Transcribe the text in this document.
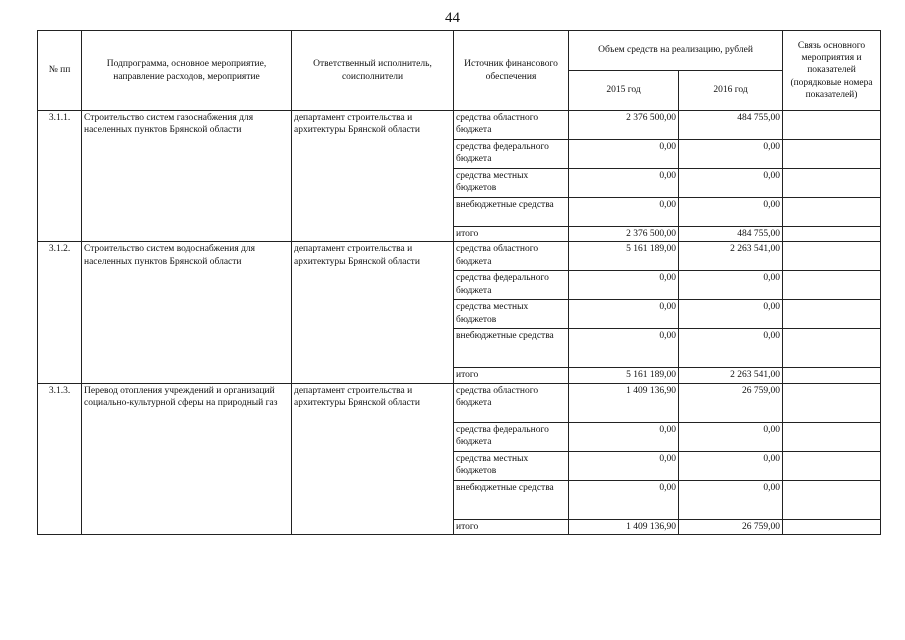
44
№ пп	Подпрограмма, основное мероприятие, направление расходов, мероприятие	Ответственный исполнитель, соисполнители	Источник финансового обеспечения	Объем средств на реализацию, рублей		Связь основного мероприятия и показателей (порядковые номера показателей)
				2015 год	2016 год	
3.1.1.	Строительство систем газоснабжения для населенных пунктов Брянской области	департамент строительства и архитектуры Брянской области	средства областного бюджета	2 376 500,00	484 755,00	
			средства федерального бюджета	0,00	0,00	
			средства местных бюджетов	0,00	0,00	
			внебюджетные средства	0,00	0,00	
			итого	2 376 500,00	484 755,00	
3.1.2.	Строительство систем водоснабжения для населенных пунктов Брянской области	департамент строительства и архитектуры Брянской области	средства областного бюджета	5 161 189,00	2 263 541,00	
			средства федерального бюджета	0,00	0,00	
			средства местных бюджетов	0,00	0,00	
			внебюджетные средства	0,00	0,00	
			итого	5 161 189,00	2 263 541,00	
3.1.3.	Перевод отопления учреждений и организаций социально-культурной сферы на природный газ	департамент строительства и архитектуры Брянской области	средства областного бюджета	1 409 136,90	26 759,00	
			средства федерального бюджета	0,00	0,00	
			средства местных бюджетов	0,00	0,00	
			внебюджетные средства	0,00	0,00	
			итого	1 409 136,90	26 759,00	
